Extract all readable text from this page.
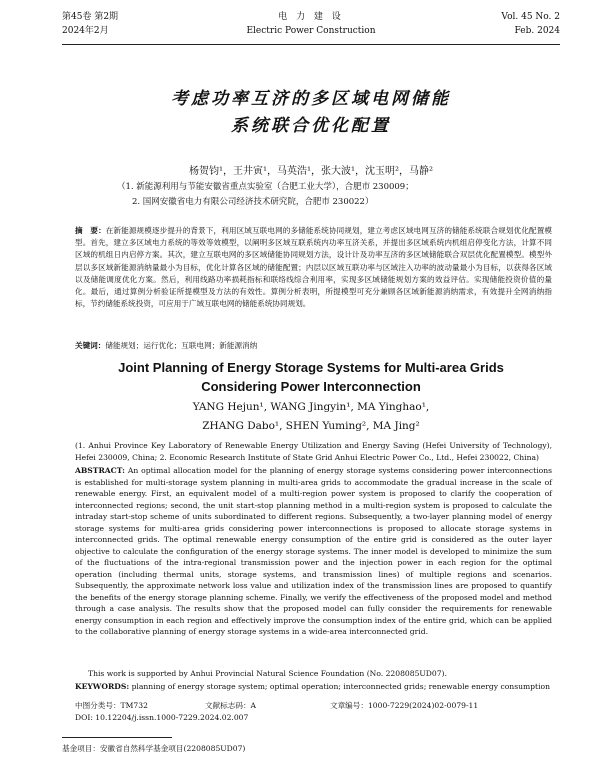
第45卷 第2期
2024年2月
电 力 建 设
Electric Power Construction
Vol. 45 No. 2
Feb. 2024
考虑功率互济的多区域电网储能
系统联合优化配置
杨贺钧¹，王井寅¹，马英浩¹，张大波¹，沈玉明²，马静²
（1. 新能源利用与节能安徽省重点实验室（合肥工业大学），合肥市 230009；
2. 国网安徽省电力有限公司经济技术研究院，合肥市 230022）
摘　要：在新能源规模逐步提升的背景下，利用区域互联电网的多储能系统协同规划，建立考虑区域电网互济的储能系统联合规划优化配置模型。首先，建立多区域电力系统的等效等效模型，以阐明多区域互联系统内功率互济关系，并提出多区域系统内机组启停变化方法，计算不同区域的机组日内启停方案。其次，建立互联电网的多区域储能协同规划方法，设计计及功率互济的多区域储能联合双层优化配置模型。模型外层以多区域新能源消纳量最小为目标，优化计算各区域的储能配置；内层以区域互联功率与区域注入功率的波动量最小为目标，以获得各区域以及储能调度优化方案。然后，利用线路功率损耗指标和联络线综合利用率，实现多区域储能规划方案的效益评估。实现储能投资价值的量化。最后，通过算例分析验证所提模型及方法的有效性。算例分析表明，所提模型可充分兼顾各区域新能源消纳需求，有效提升全网消纳指标，节约储能系统投资，可应用于广域互联电网的储能系统协同规划。
关键词：储能规划；运行优化；互联电网；新能源消纳
Joint Planning of Energy Storage Systems for Multi-area Grids
Considering Power Interconnection
YANG Hejun¹, WANG Jingyin¹, MA Yinghao¹,
ZHANG Dabo¹, SHEN Yuming², MA Jing²
(1. Anhui Province Key Laboratory of Renewable Energy Utilization and Energy Saving (Hefei University of Technology), Hefei 230009, China; 2. Economic Research Institute of State Grid Anhui Electric Power Co., Ltd., Hefei 230022, China)
ABSTRACT: An optimal allocation model for the planning of energy storage systems considering power interconnections is established for multi-storage system planning in multi-area grids to accommodate the gradual increase in the scale of renewable energy. First, an equivalent model of a multi-region power system is proposed to clarify the cooperation of interconnected regions; second, the unit start-stop planning method in a multi-region system is proposed to calculate the intraday start-stop scheme of units subordinated to different regions. Subsequently, a two-layer planning model of energy storage systems for multi-area grids considering power interconnections is proposed to allocate storage systems in interconnected grids. The optimal renewable energy consumption of the entire grid is considered as the outer layer objective to calculate the configuration of the energy storage systems. The inner model is developed to minimize the sum of the fluctuations of the intra-regional transmission power and the injection power in each region for the optimal operation (including thermal units, storage systems, and transmission lines) of multiple regions and scenarios. Subsequently, the approximate network loss value and utilization index of the transmission lines are proposed to quantify the benefits of the energy storage planning scheme. Finally, we verify the effectiveness of the proposed model and method through a case analysis. The results show that the proposed model can fully consider the requirements for renewable energy consumption in each region and effectively improve the consumption index of the entire grid, which can be applied to the collaborative planning of energy storage systems in a wide-area interconnected grid.
This work is supported by Anhui Provincial Natural Science Foundation (No. 2208085UD07).
KEYWORDS: planning of energy storage system; optimal operation; interconnected grids; renewable energy consumption
中图分类号：TM732	文献标志码：A	文章编号：1000-7229(2024)02-0079-11
DOI: 10.12204/j.issn.1000-7229.2024.02.007
基金项目：安徽省自然科学基金项目(2208085UD07)
